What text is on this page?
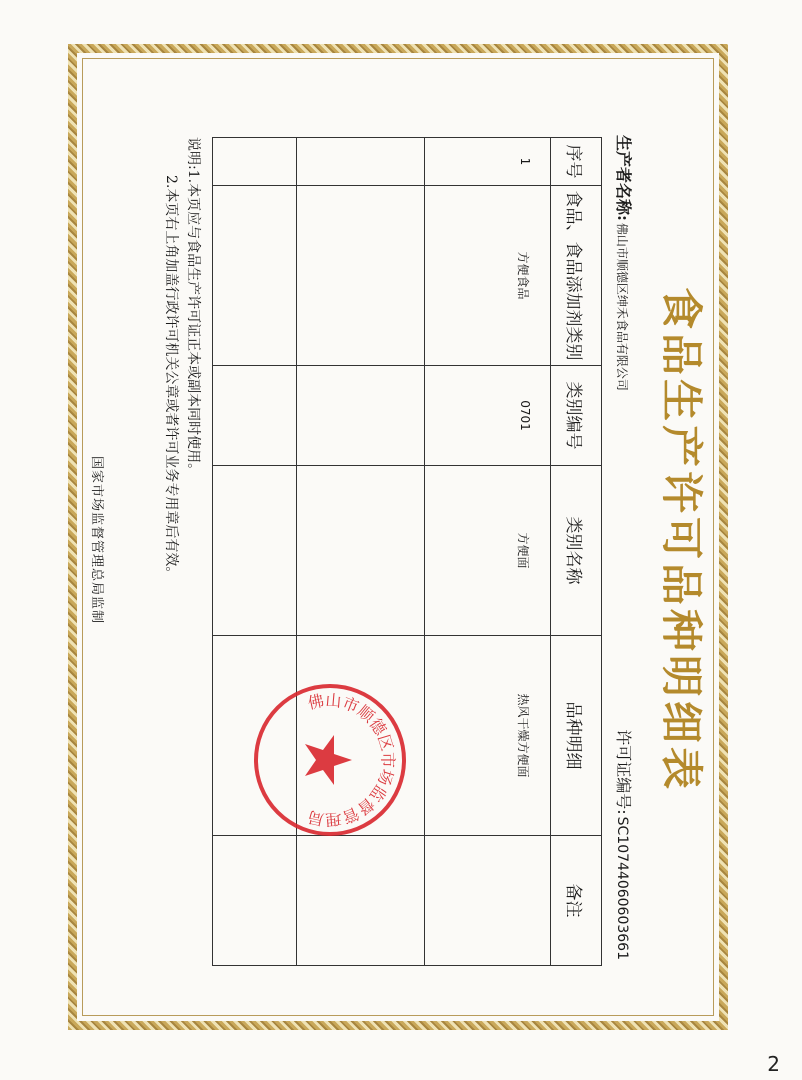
食品生产许可品种明细表
生产者名称:佛山市顺德区绅禾食品有限公司
许可证编号:SC10744060603661
序号	食品、食品添加剂类别	类别编号	类别名称	品种明细	备注
1	方便食品	0701	方便面	热风干燥方便面	

说明:1.本页应与食品生产许可证正本或副本同时使用。
2.本页右上角加盖行政许可机关公章或者许可业务专用章后有效。
国家市场监督管理总局监制
佛山市顺德区市场监督管理局
2
